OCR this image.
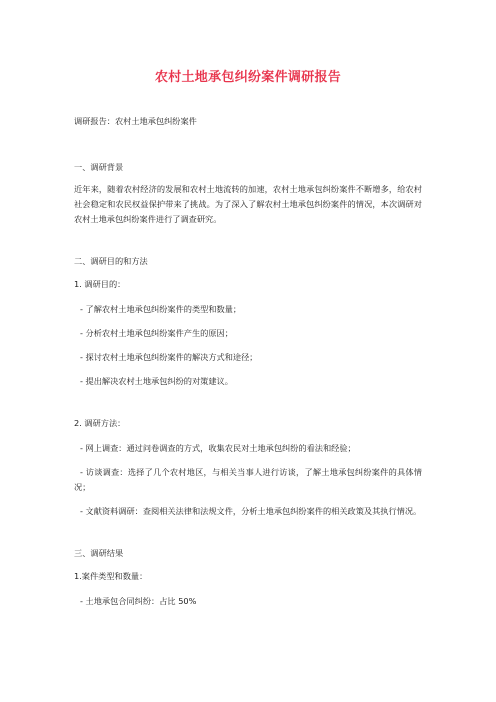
农村土地承包纠纷案件调研报告

调研报告：农村土地承包纠纷案件

一、调研背景

近年来，随着农村经济的发展和农村土地流转的加速，农村土地承包纠纷案件不断增多，给农村社会稳定和农民权益保护带来了挑战。为了深入了解农村土地承包纠纷案件的情况，本次调研对农村土地承包纠纷案件进行了调查研究。

二、调研目的和方法

1. 调研目的：

- 了解农村土地承包纠纷案件的类型和数量；

- 分析农村土地承包纠纷案件产生的原因；

- 探讨农村土地承包纠纷案件的解决方式和途径；

- 提出解决农村土地承包纠纷的对策建议。

2. 调研方法：

- 网上调查：通过问卷调查的方式，收集农民对土地承包纠纷的看法和经验；

- 访谈调查：选择了几个农村地区，与相关当事人进行访谈，了解土地承包纠纷案件的具体情况；

- 文献资料调研：查阅相关法律和法规文件，分析土地承包纠纷案件的相关政策及其执行情况。

三、调研结果

1.案件类型和数量：

- 土地承包合同纠纷：占比 50%
